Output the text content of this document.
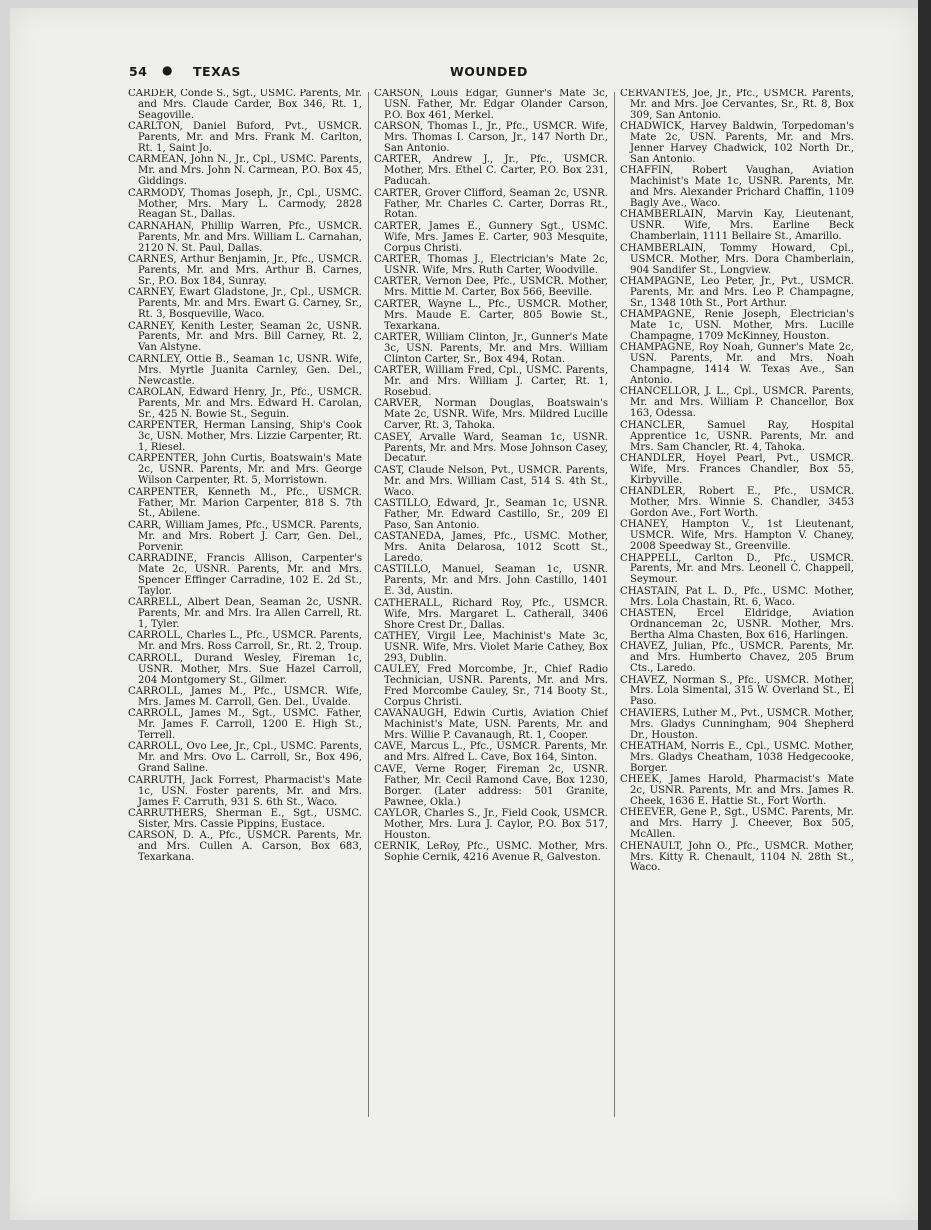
54 ● TEXAS	WOUNDED
CARDER, Conde S., Sgt., USMC. Parents, Mr. and Mrs. Claude Carder, Box 346, Rt. 1, Seagoville.
CARLTON, Daniel Buford, Pvt., USMCR. Parents, Mr. and Mrs. Frank M. Carlton, Rt. 1, Saint Jo.
CARMEAN, John N., Jr., Cpl., USMC. Parents, Mr. and Mrs. John N. Carmean, P.O. Box 45, Giddings.
CARMODY, Thomas Joseph, Jr., Cpl., USMC. Mother, Mrs. Mary L. Carmody, 2828 Reagan St., Dallas.
CARNAHAN, Phillip Warren, Pfc., USMCR. Parents, Mr. and Mrs. William L. Carnahan, 2120 N. St. Paul, Dallas.
CARNES, Arthur Benjamin, Jr., Pfc., USMCR. Parents, Mr. and Mrs. Arthur B. Carnes, Sr., P.O. Box 184, Sunray.
CARNEY, Ewart Gladstone, Jr., Cpl., USMCR. Parents, Mr. and Mrs. Ewart G. Carney, Sr., Rt. 3, Bosqueville, Waco.
CARNEY, Kenith Lester, Seaman 2c, USNR. Parents, Mr. and Mrs. Bill Carney, Rt. 2, Van Alstyne.
CARNLEY, Ottie B., Seaman 1c, USNR. Wife, Mrs. Myrtle Juanita Carnley, Gen. Del., Newcastle.
CAROLAN, Edward Henry, Jr., Pfc., USMCR. Parents, Mr. and Mrs. Edward H. Carolan, Sr., 425 N. Bowie St., Seguin.
CARPENTER, Herman Lansing, Ship's Cook 3c, USN. Mother, Mrs. Lizzie Carpenter, Rt. 1, Riesel.
CARPENTER, John Curtis, Boatswain's Mate 2c, USNR. Parents, Mr. and Mrs. George Wilson Carpenter, Rt. 5, Morristown.
CARPENTER, Kenneth M., Pfc., USMCR. Father, Mr. Marion Carpenter, 818 S. 7th St., Abilene.
CARR, William James, Pfc., USMCR. Parents, Mr. and Mrs. Robert J. Carr, Gen. Del., Porvenir.
CARRADINE, Francis Allison, Carpenter's Mate 2c, USNR. Parents, Mr. and Mrs. Spencer Effinger Carradine, 102 E. 2d St., Taylor.
CARRELL, Albert Dean, Seaman 2c, USNR. Parents, Mr. and Mrs. Ira Allen Carrell, Rt. 1, Tyler.
CARROLL, Charles L., Pfc., USMCR. Parents, Mr. and Mrs. Ross Carroll, Sr., Rt. 2, Troup.
CARROLL, Durand Wesley, Fireman 1c, USNR. Mother, Mrs. Sue Hazel Carroll, 204 Montgomery St., Gilmer.
CARROLL, James M., Pfc., USMCR. Wife, Mrs. James M. Carroll, Gen. Del., Uvalde.
CARROLL, James M., Sgt., USMC. Father, Mr. James F. Carroll, 1200 E. High St., Terrell.
CARROLL, Ovo Lee, Jr., Cpl., USMC. Parents, Mr. and Mrs. Ovo L. Carroll, Sr., Box 496, Grand Saline.
CARRUTH, Jack Forrest, Pharmacist's Mate 1c, USN. Foster parents, Mr. and Mrs. James F. Carruth, 931 S. 6th St., Waco.
CARRUTHERS, Sherman E., Sgt., USMC. Sister, Mrs. Cassie Pippins, Eustace.
CARSON, D. A., Pfc., USMCR. Parents, Mr. and Mrs. Cullen A. Carson, Box 683, Texarkana.
CARSON, Louis Edgar, Gunner's Mate 3c, USN. Father, Mr. Edgar Olander Carson, P.O. Box 461, Merkel.
CARSON, Thomas I., Jr., Pfc., USMCR. Wife, Mrs. Thomas I. Carson, Jr., 147 North Dr., San Antonio.
CARTER, Andrew J., Jr., Pfc., USMCR. Mother, Mrs. Ethel C. Carter, P.O. Box 231, Paducah.
CARTER, Grover Clifford, Seaman 2c, USNR. Father, Mr. Charles C. Carter, Dorras Rt., Rotan.
CARTER, James E., Gunnery Sgt., USMC. Wife, Mrs. James E. Carter, 903 Mesquite, Corpus Christi.
CARTER, Thomas J., Electrician's Mate 2c, USNR. Wife, Mrs. Ruth Carter, Woodville.
CARTER, Vernon Dee, Pfc., USMCR. Mother, Mrs. Mittie M. Carter, Box 566, Beeville.
CARTER, Wayne L., Pfc., USMCR. Mother, Mrs. Maude E. Carter, 805 Bowie St., Texarkana.
CARTER, William Clinton, Jr., Gunner's Mate 3c, USN. Parents, Mr. and Mrs. William Clinton Carter, Sr., Box 494, Rotan.
CARTER, William Fred, Cpl., USMC. Parents, Mr. and Mrs. William J. Carter, Rt. 1, Rosebud.
CARVER, Norman Douglas, Boatswain's Mate 2c, USNR. Wife, Mrs. Mildred Lucille Carver, Rt. 3, Tahoka.
CASEY, Arvalle Ward, Seaman 1c, USNR. Parents, Mr. and Mrs. Mose Johnson Casey, Decatur.
CAST, Claude Nelson, Pvt., USMCR. Parents, Mr. and Mrs. William Cast, 514 S. 4th St., Waco.
CASTILLO, Edward, Jr., Seaman 1c, USNR. Father, Mr. Edward Castillo, Sr., 209 El Paso, San Antonio.
CASTANEDA, James, Pfc., USMC. Mother, Mrs. Anita Delarosa, 1012 Scott St., Laredo.
CASTILLO, Manuel, Seaman 1c, USNR. Parents, Mr. and Mrs. John Castillo, 1401 E. 3d, Austin.
CATHERALL, Richard Roy, Pfc., USMCR. Wife, Mrs. Margaret L. Catherall, 3406 Shore Crest Dr., Dallas.
CATHEY, Virgil Lee, Machinist's Mate 3c, USNR. Wife, Mrs. Violet Marie Cathey, Box 293, Dublin.
CAULEY, Fred Morcombe, Jr., Chief Radio Technician, USNR. Parents, Mr. and Mrs. Fred Morcombe Cauley, Sr., 714 Booty St., Corpus Christi.
CAVANAUGH, Edwin Curtis, Aviation Chief Machinist's Mate, USN. Parents, Mr. and Mrs. Willie P. Cavanaugh, Rt. 1, Cooper.
CAVE, Marcus L., Pfc., USMCR. Parents, Mr. and Mrs. Alfred L. Cave, Box 164, Sinton.
CAVE, Verne Roger, Fireman 2c, USNR. Father, Mr. Cecil Ramond Cave, Box 1230, Borger. (Later address: 501 Granite, Pawnee, Okla.)
CAYLOR, Charles S., Jr., Field Cook, USMCR. Mother, Mrs. Lura J. Caylor, P.O. Box 517, Houston.
CERNIK, LeRoy, Pfc., USMC. Mother, Mrs. Sophie Cernik, 4216 Avenue R, Galveston.
CERVANTES, Joe, Jr., Pfc., USMCR. Parents, Mr. and Mrs. Joe Cervantes, Sr., Rt. 8, Box 309, San Antonio.
CHADWICK, Harvey Baldwin, Torpedoman's Mate 2c, USN. Parents, Mr. and Mrs. Jenner Harvey Chadwick, 102 North Dr., San Antonio.
CHAFFIN, Robert Vaughan, Aviation Machinist's Mate 1c, USNR. Parents, Mr. and Mrs. Alexander Prichard Chaffin, 1109 Bagly Ave., Waco.
CHAMBERLAIN, Marvin Kay, Lieutenant, USNR. Wife, Mrs. Earline Beck Chamberlain, 1111 Bellaire St., Amarillo.
CHAMBERLAIN, Tommy Howard, Cpl., USMCR. Mother, Mrs. Dora Chamberlain, 904 Sandifer St., Longview.
CHAMPAGNE, Leo Peter, Jr., Pvt., USMCR. Parents, Mr. and Mrs. Leo P. Champagne, Sr., 1348 10th St., Port Arthur.
CHAMPAGNE, Renie Joseph, Electrician's Mate 1c, USN. Mother, Mrs. Lucille Champagne, 1709 McKinney, Houston.
CHAMPAGNE, Roy Noah, Gunner's Mate 2c, USN. Parents, Mr. and Mrs. Noah Champagne, 1414 W. Texas Ave., San Antonio.
CHANCELLOR, J. L., Cpl., USMCR. Parents, Mr. and Mrs. William P. Chancellor, Box 163, Odessa.
CHANCLER, Samuel Ray, Hospital Apprentice 1c, USNR. Parents, Mr. and Mrs. Sam Chancler, Rt. 4, Tahoka.
CHANDLER, Hoyel Pearl, Pvt., USMCR. Wife, Mrs. Frances Chandler, Box 55, Kirbyville.
CHANDLER, Robert E., Pfc., USMCR. Mother, Mrs. Winnie S. Chandler, 3453 Gordon Ave., Fort Worth.
CHANEY, Hampton V., 1st Lieutenant, USMCR. Wife, Mrs. Hampton V. Chaney, 2008 Speedway St., Greenville.
CHAPPELL, Carlton D., Pfc., USMCR. Parents, Mr. and Mrs. Leonell C. Chappell, Seymour.
CHASTAIN, Pat L. D., Pfc., USMC. Mother, Mrs. Lola Chastain, Rt. 6, Waco.
CHASTEN, Ercel Eldridge, Aviation Ordnanceman 2c, USNR. Mother, Mrs. Bertha Alma Chasten, Box 616, Harlingen.
CHAVEZ, Julian, Pfc., USMCR. Parents, Mr. and Mrs. Humberto Chavez, 205 Brum Cts., Laredo.
CHAVEZ, Norman S., Pfc., USMCR. Mother, Mrs. Lola Simental, 315 W. Overland St., El Paso.
CHAVIERS, Luther M., Pvt., USMCR. Mother, Mrs. Gladys Cunningham, 904 Shepherd Dr., Houston.
CHEATHAM, Norris E., Cpl., USMC. Mother, Mrs. Gladys Cheatham, 1038 Hedgecooke, Borger.
CHEEK, James Harold, Pharmacist's Mate 2c, USNR. Parents, Mr. and Mrs. James R. Cheek, 1636 E. Hattie St., Fort Worth.
CHEEVER, Gene P., Sgt., USMC. Parents, Mr. and Mrs. Harry J. Cheever, Box 505, McAllen.
CHENAULT, John O., Pfc., USMCR. Mother, Mrs. Kitty R. Chenault, 1104 N. 28th St., Waco.
